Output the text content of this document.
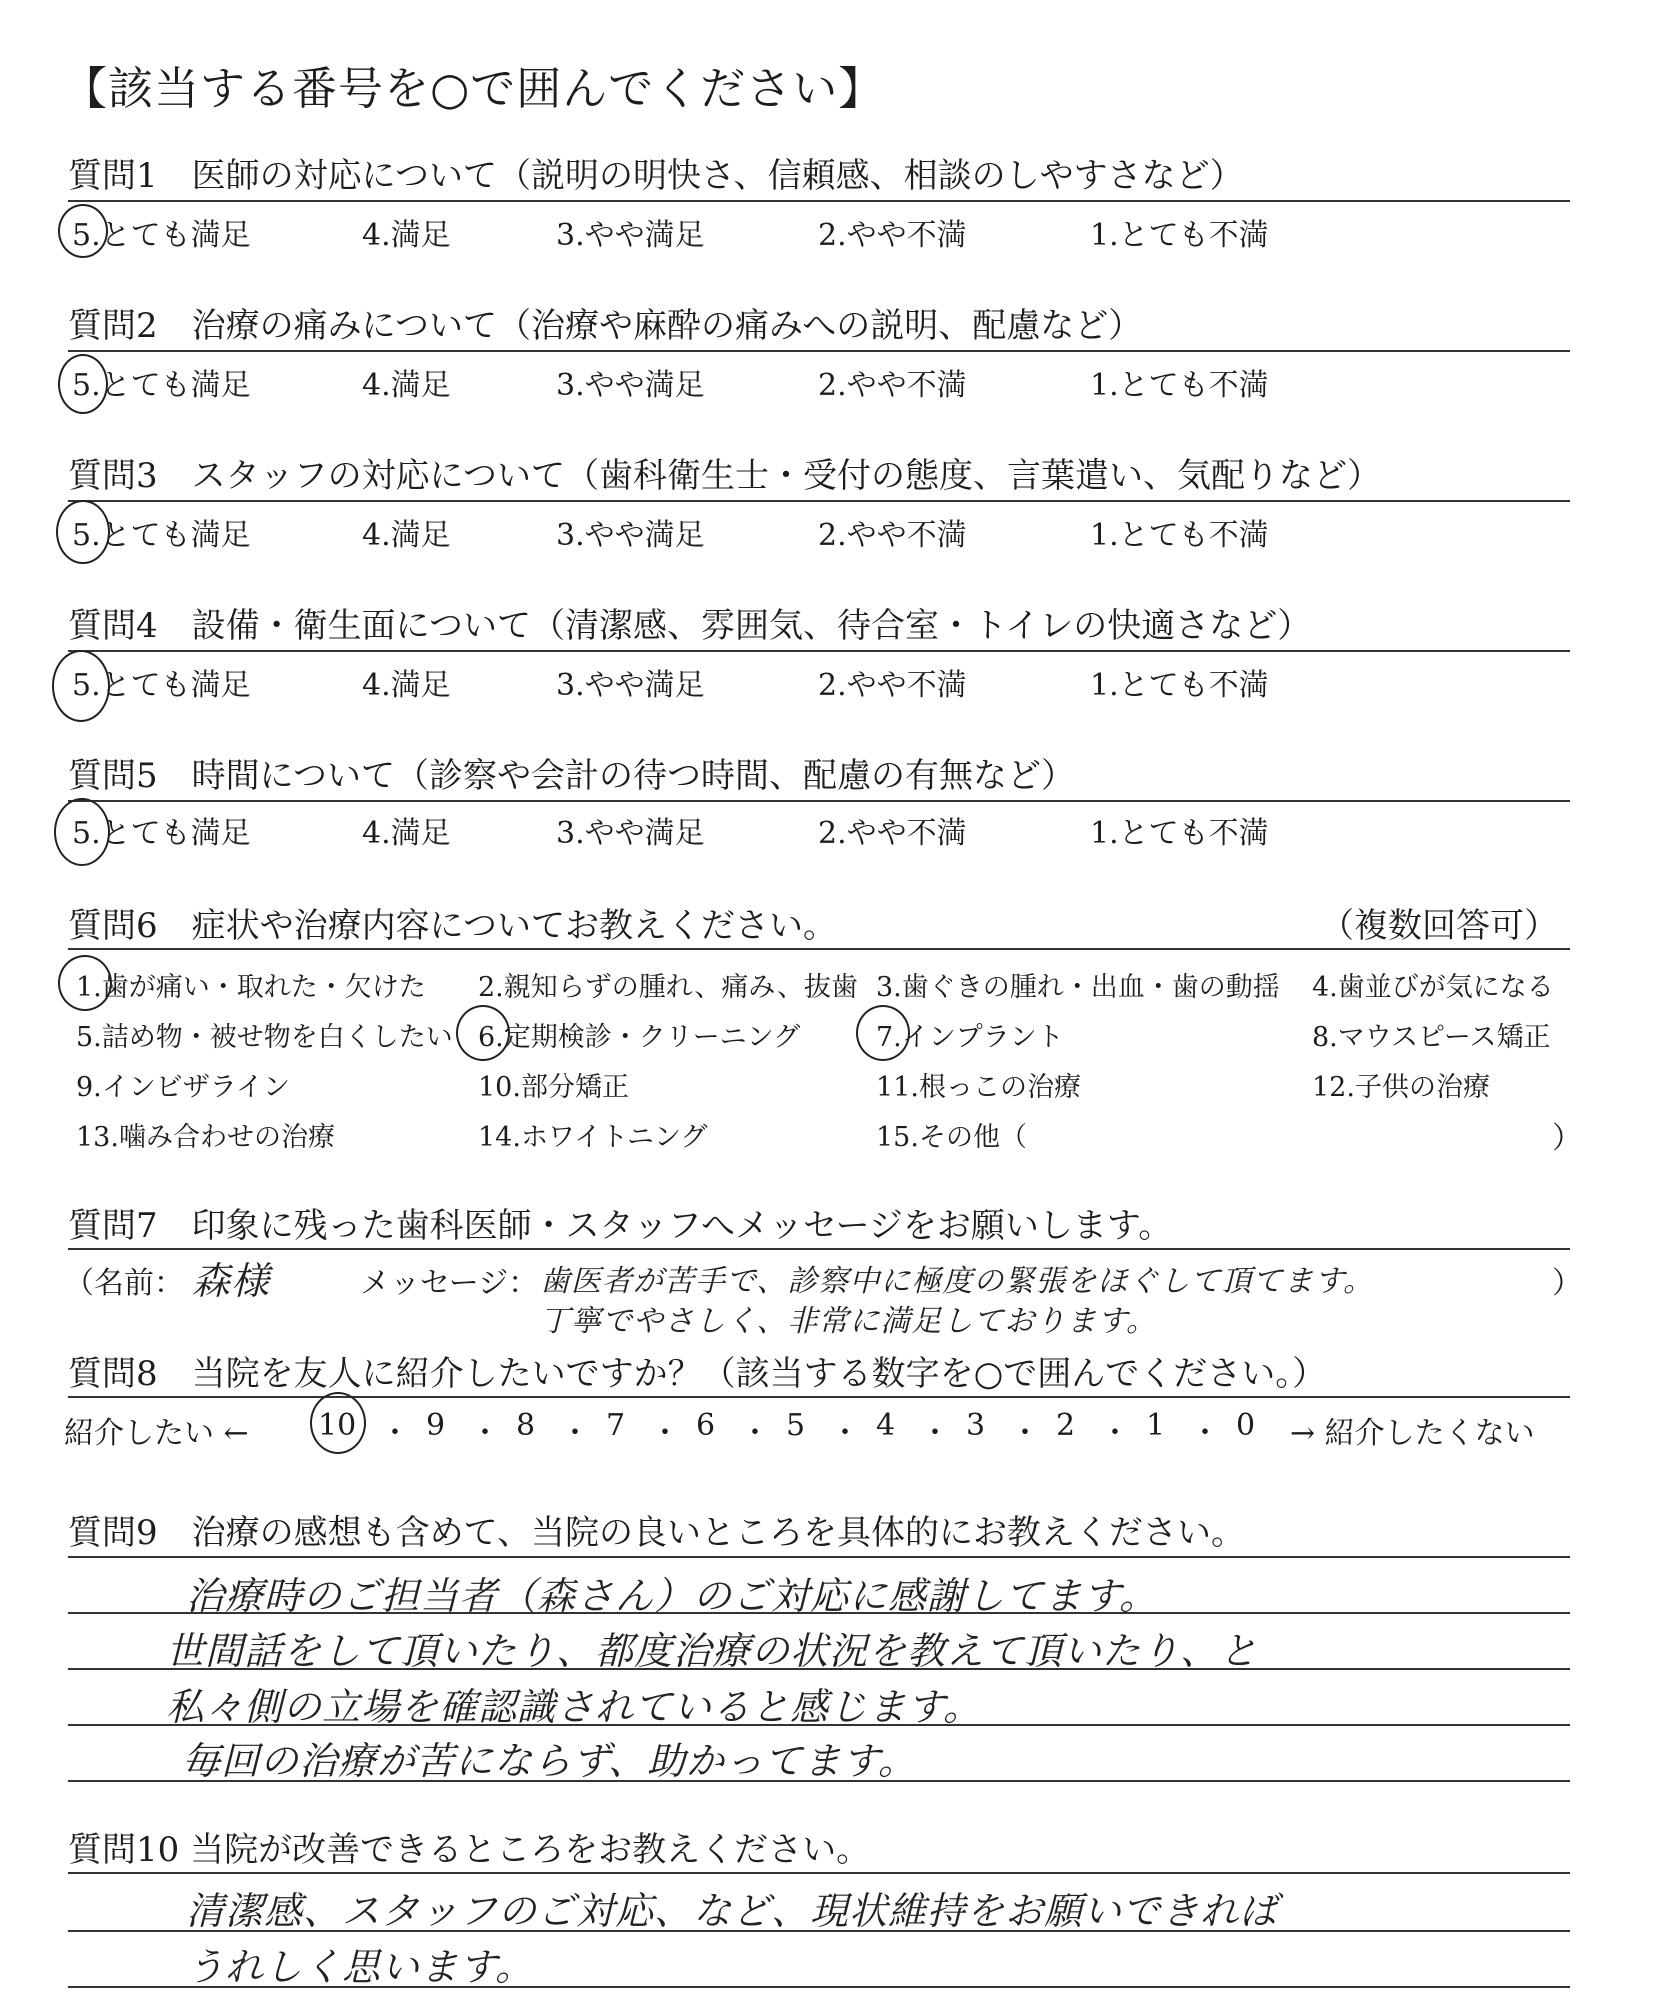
【該当する番号を○で囲んでください】
質問1　医師の対応について（説明の明快さ、信頼感、相談のしやすさなど）
5.とても満足	4.満足	3.やや満足	2.やや不満	1.とても不満
質問2　治療の痛みについて（治療や麻酔の痛みへの説明、配慮など）
5.とても満足	4.満足	3.やや満足	2.やや不満	1.とても不満
質問3　スタッフの対応について（歯科衛生士・受付の態度、言葉遣い、気配りなど）
5.とても満足	4.満足	3.やや満足	2.やや不満	1.とても不満
質問4　設備・衛生面について（清潔感、雰囲気、待合室・トイレの快適さなど）
5.とても満足	4.満足	3.やや満足	2.やや不満	1.とても不満
質問5　時間について（診察や会計の待つ時間、配慮の有無など）
5.とても満足	4.満足	3.やや満足	2.やや不満	1.とても不満
質問6　症状や治療内容についてお教えください。	（複数回答可）
1.歯が痛い・取れた・欠けた 2.親知らずの腫れ、痛み、抜歯 3.歯ぐきの腫れ・出血・歯の動揺 4.歯並びが気になる
5.詰め物・被せ物を白くしたい 6.定期検診・クリーニング	7.インプラント	8.マウスピース矯正
9.インビザライン	10.部分矯正	11.根っこの治療	12.子供の治療
13.噛み合わせの治療	14.ホワイトニング	15.その他（	）
質問7　印象に残った歯科医師・スタッフへメッセージをお願いします。
（名前： 森様	メッセージ： 歯医者が苦手で、診察中に極度の緊張をほぐして頂てます。
丁寧でやさしく、非常に満足しております。
）
質問8　当院を友人に紹介したいですか？（該当する数字を○で囲んでください。）
紹介したい ← 10 ・ 9 ・ 8 ・ 7 ・ 6 ・ 5 ・ 4 ・ 3 ・ 2 ・ 1 ・ 0 → 紹介したくない
質問9　治療の感想も含めて、当院の良いところを具体的にお教えください。
治療時のご担当者（森さん）のご対応に感謝してます。
世間話をして頂いたり、都度治療の状況を教えて頂いたり、と
私々側の立場を確認識されていると感じます。
毎回の治療が苦にならず、助かってます。
質問10 当院が改善できるところをお教えください。
清潔感、スタッフのご対応、など、現状維持をお願いできれば
うれしく思います。
